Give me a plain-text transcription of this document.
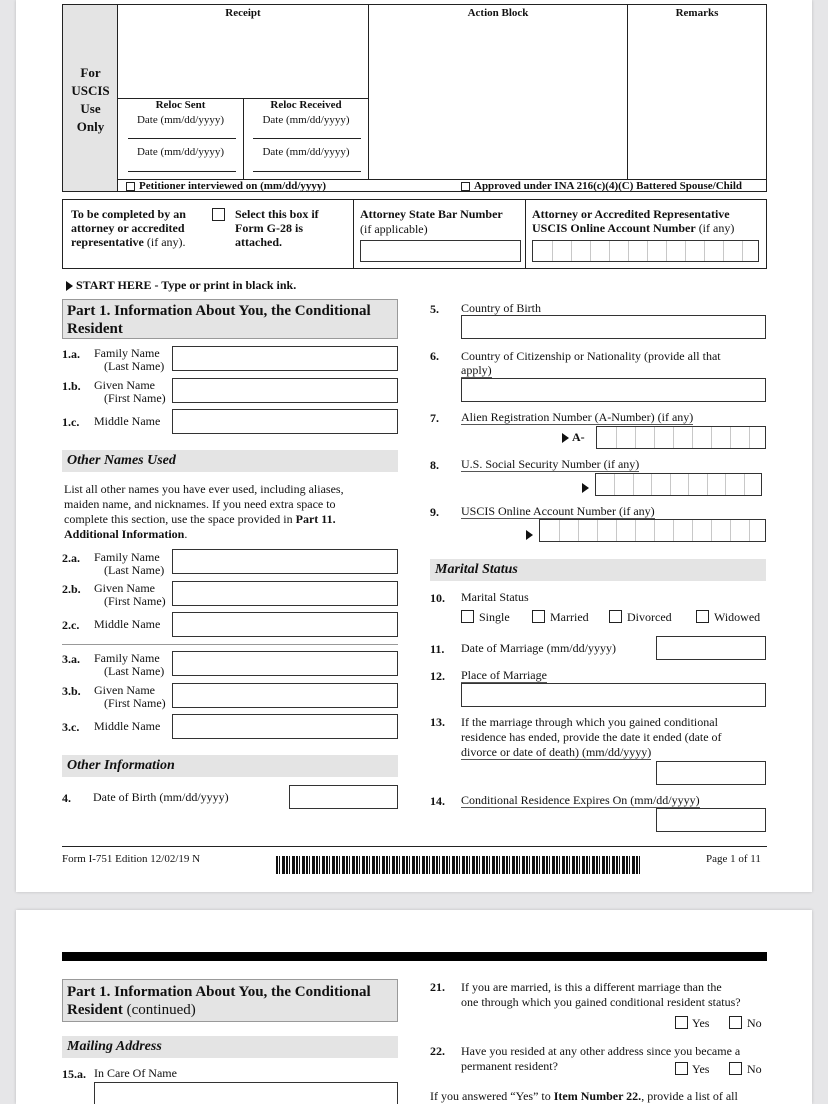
For
USCIS
Use
Only
Receipt	Action Block	Remarks
Reloc Sent	Reloc Received
Date (mm/dd/yyyy)	Date (mm/dd/yyyy)
Date (mm/dd/yyyy)	Date (mm/dd/yyyy)
Petitioner interviewed on (mm/dd/yyyy)	Approved under INA 216(c)(4)(C) Battered Spouse/Child
To be completed by an attorney or accredited representative (if any).
Select this box if Form G-28 is attached.
Attorney State Bar Number
(if applicable)
Attorney or Accredited Representative USCIS Online Account Number (if any)
START HERE - Type or print in black ink.
Part 1. Information About You, the Conditional
Resident
1.a. Family Name
(Last Name)
1.b. Given Name
(First Name)
1.c. Middle Name
Other Names Used
List all other names you have ever used, including aliases,
maiden name, and nicknames. If you need extra space to
complete this section, use the space provided in Part 11.
Additional Information.
2.a. Family Name
(Last Name)
2.b. Given Name
(First Name)
2.c. Middle Name
3.a. Family Name
(Last Name)
3.b. Given Name
(First Name)
3.c. Middle Name
Other Information
4. Date of Birth (mm/dd/yyyy)
5. Country of Birth
6. Country of Citizenship or Nationality (provide all that
apply)
7. Alien Registration Number (A-Number) (if any)
A-
8. U.S. Social Security Number (if any)
9. USCIS Online Account Number (if any)
Marital Status
10. Marital Status
Single	Married	Divorced	Widowed
11. Date of Marriage (mm/dd/yyyy)
12. Place of Marriage
13. If the marriage through which you gained conditional
residence has ended, provide the date it ended (date of
divorce or date of death) (mm/dd/yyyy)
14. Conditional Residence Expires On (mm/dd/yyyy)
Form I-751 Edition 12/02/19 N	Page 1 of 11
Part 1. Information About You, the Conditional
Resident (continued)
Mailing Address
15.a. In Care Of Name
21. If you are married, is this a different marriage than the
one through which you gained conditional resident status?
Yes	No
22. Have you resided at any other address since you became a
permanent resident?	Yes	No
If you answered “Yes” to Item Number 22., provide a list of all
